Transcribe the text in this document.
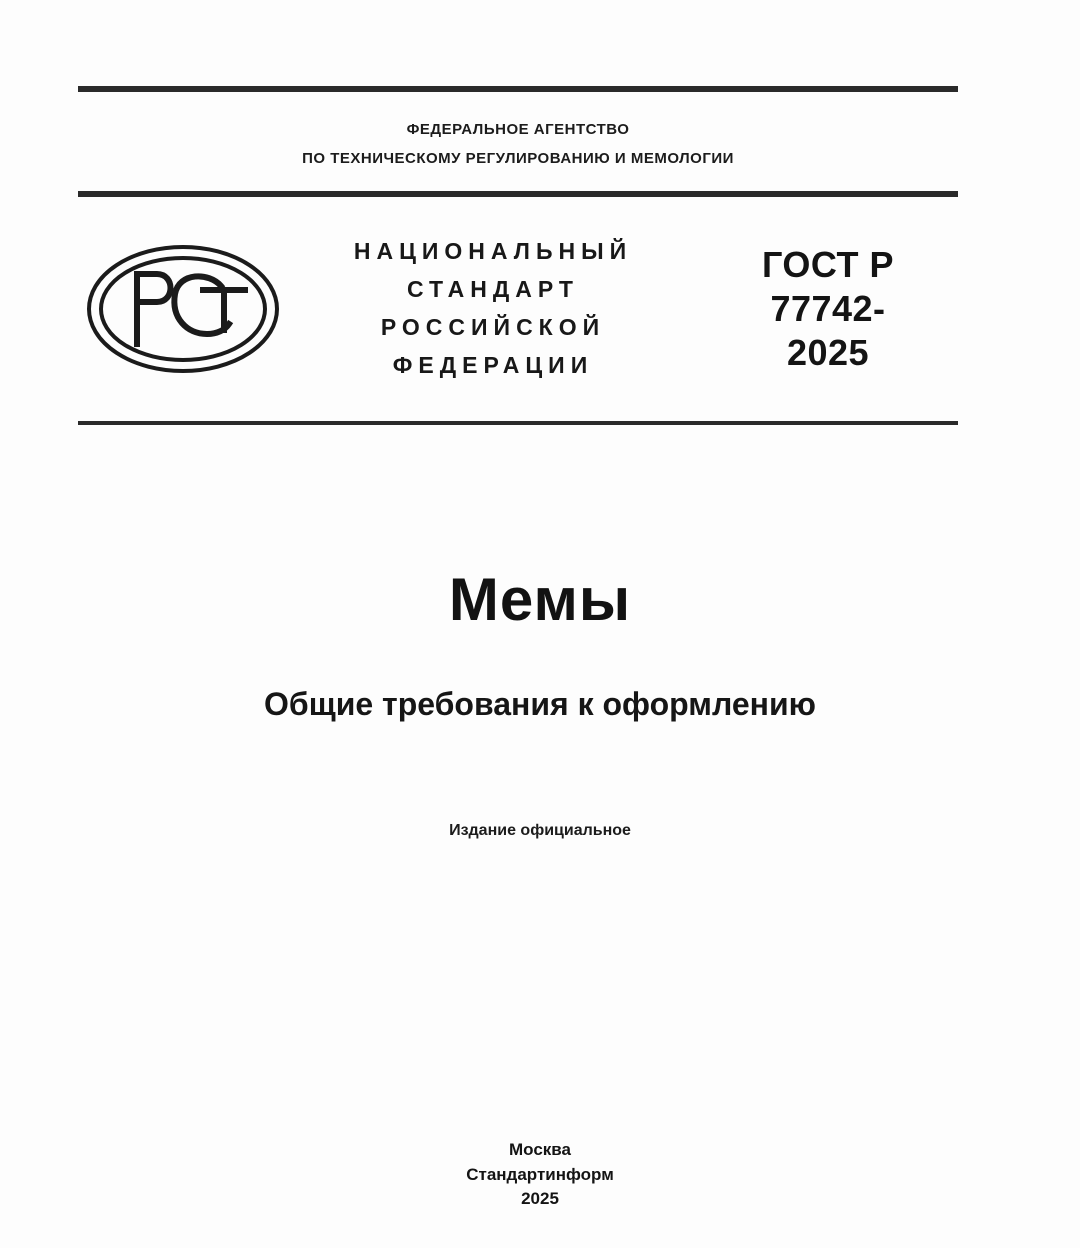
ФЕДЕРАЛЬНОЕ АГЕНТСТВО
ПО ТЕХНИЧЕСКОМУ РЕГУЛИРОВАНИЮ И МЕМОЛОГИИ
НАЦИОНАЛЬНЫЙ
СТАНДАРТ
РОССИЙСКОЙ
ФЕДЕРАЦИИ
ГОСТ Р
77742-
2025
Мемы
Общие требования к оформлению
Издание официальное
Москва
Стандартинформ
2025
